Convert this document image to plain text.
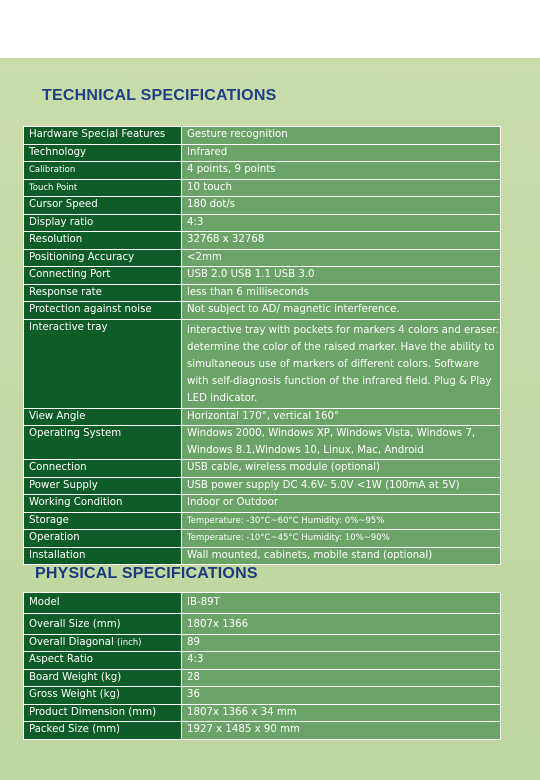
TECHNICAL SPECIFICATIONS
Hardware Special Features	Gesture recognition
Technology	Infrared
Calibration	4 points, 9 points
Touch Point	10 touch
Cursor Speed	180 dot/s
Display ratio	4:3
Resolution	32768 x 32768
Positioning Accuracy	<2mm
Connecting Port	USB 2.0 USB 1.1 USB 3.0
Response rate	less than 6 milliseconds
Protection against noise	Not subject to AD/ magnetic interference.
Interactive tray	interactive tray with pockets for markers 4 colors and eraser. determine the color of the raised marker. Have the ability to simultaneous use of markers of different colors. Software with self-diagnosis function of the infrared field. Plug & Play LED indicator.
View Angle	Horizontal 170°, vertical 160°
Operating System	Windows 2000, Windows XP, Windows Vista, Windows 7, Windows 8.1,Windows 10, Linux, Mac, Android
Connection	USB cable, wireless module (optional)
Power Supply	USB power supply DC 4.6V- 5.0V <1W (100mA at 5V)
Working Condition	Indoor or Outdoor
Storage	Temperature: -30°C~60°C Humidity: 0%~95%
Operation	Temperature: -10°C~45°C Humidity: 10%~90%
Installation	Wall mounted, cabinets, mobile stand (optional)
PHYSICAL SPECIFICATIONS
Model	IB-89T
Overall Size (mm)	1807x 1366
Overall Diagonal (inch)	89
Aspect Ratio	4:3
Board Weight (kg)	28
Gross Weight (kg)	36
Product Dimension (mm)	1807x 1366 x 34 mm
Packed Size (mm)	1927 x 1485 x 90 mm
